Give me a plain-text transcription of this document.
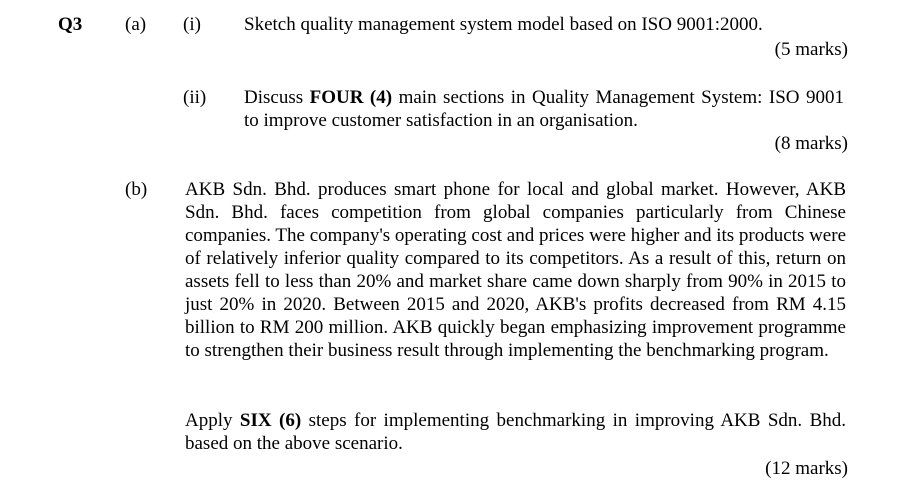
Q3 (a) (i) Sketch quality management system model based on ISO 9001:2000.
(5 marks)
(ii) Discuss FOUR (4) main sections in Quality Management System: ISO 9001 to improve customer satisfaction in an organisation.
(8 marks)
(b) AKB Sdn. Bhd. produces smart phone for local and global market. However, AKB Sdn. Bhd. faces competition from global companies particularly from Chinese companies. The company's operating cost and prices were higher and its products were of relatively inferior quality compared to its competitors. As a result of this, return on assets fell to less than 20% and market share came down sharply from 90% in 2015 to just 20% in 2020. Between 2015 and 2020, AKB's profits decreased from RM 4.15 billion to RM 200 million. AKB quickly began emphasizing improvement programme to strengthen their business result through implementing the benchmarking program.
Apply SIX (6) steps for implementing benchmarking in improving AKB Sdn. Bhd. based on the above scenario.
(12 marks)
